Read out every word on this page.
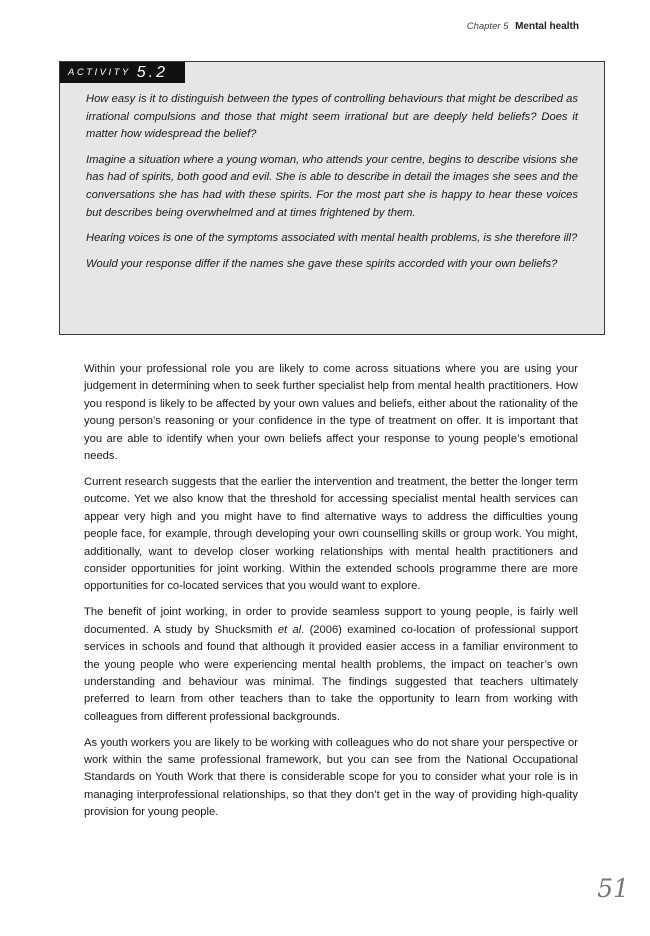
Chapter 5 Mental health
ACTIVITY 5.2

How easy is it to distinguish between the types of controlling behaviours that might be described as irrational compulsions and those that might seem irrational but are deeply held beliefs? Does it matter how widespread the belief?

Imagine a situation where a young woman, who attends your centre, begins to describe visions she has had of spirits, both good and evil. She is able to describe in detail the images she sees and the conversations she has had with these spirits. For the most part she is happy to hear these voices but describes being overwhelmed and at times frightened by them.

Hearing voices is one of the symptoms associated with mental health problems, is she therefore ill?

Would your response differ if the names she gave these spirits accorded with your own beliefs?

Within your professional role you are likely to come across situations where you are using your judgement in determining when to seek further specialist help from mental health practitioners. How you respond is likely to be affected by your own values and beliefs, either about the rationality of the young person’s reasoning or your confidence in the type of treatment on offer. It is important that you are able to identify when your own beliefs affect your response to young people’s emotional needs.

Current research suggests that the earlier the intervention and treatment, the better the longer term outcome. Yet we also know that the threshold for accessing specialist mental health services can appear very high and you might have to find alternative ways to address the difficulties young people face, for example, through developing your own counselling skills or group work. You might, additionally, want to develop closer working relationships with mental health practitioners and consider opportunities for joint working. Within the extended schools programme there are more opportunities for co-located services that you would want to explore.

The benefit of joint working, in order to provide seamless support to young people, is fairly well documented. A study by Shucksmith et al. (2006) examined co-location of professional support services in schools and found that although it provided easier access in a familiar environment to the young people who were experiencing mental health problems, the impact on teacher’s own understanding and behaviour was minimal. The findings suggested that teachers ultimately preferred to learn from other teachers than to take the opportunity to learn from working with colleagues from different professional backgrounds.

As youth workers you are likely to be working with colleagues who do not share your perspective or work within the same professional framework, but you can see from the National Occupational Standards on Youth Work that there is considerable scope for you to consider what your role is in managing interprofessional relationships, so that they don’t get in the way of providing high-quality provision for young people.

51
